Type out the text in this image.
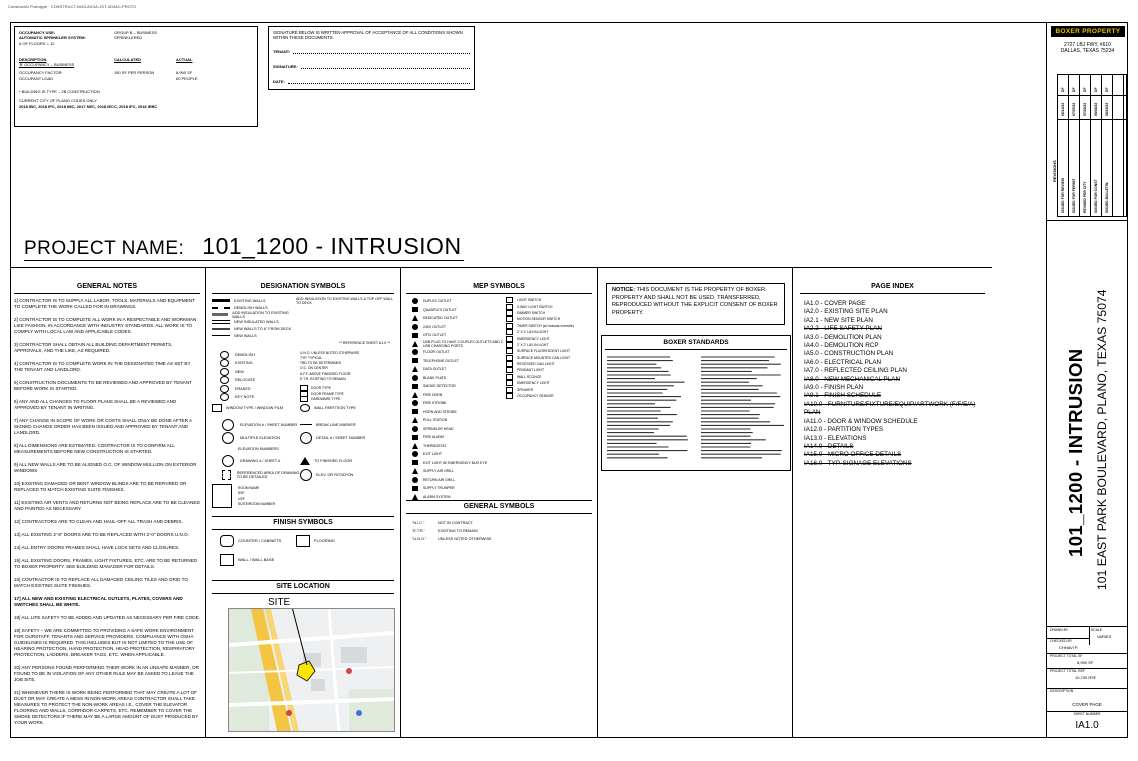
ConstructAI Prototype · CONSTRUCT-0063-AXXA-1ST-4O4AC-PROTO
OCCUPANCY USE:	GROUP B – BUSINESS
AUTOMATIC SPRINKLER SYSTEM:	SPRINKLERED
# OF FLOORS = 12
DESCRIPTION	CALCULATED	ACTUAL
'B' OCCUPANCY – BUSINESS
OCCUPANCY FACTOR:	150 SF PER PERSON	8,990 SF
OCCUPANT LOAD	60 PEOPLE
* BUILDING IS TYPE – 2B CONSTRUCTION
CURRENT CITY OF PLANO CODES ONLY
2018 IBC, 2018 IPC, 2018 IMC, 2017 NEC, 2018 IECC, 2018 IFC, 2018 IEBC
SIGNATURE BELOW IS WRITTEN APPROVAL OF ACCEPTANCE OF ALL CONDITIONS SHOWN WITHIN THESE DOCUMENTS.
TENANT:
SIGNATURE:
DATE:
PROJECT NAME: 101_1200 - INTRUSION
GENERAL NOTES

1] CONTRACTOR IS TO SUPPLY ALL LABOR, TOOLS, MATERIALS AND EQUIPMENT TO COMPLETE THE WORK CALLED FOR IN DRAWINGS.

2] CONTRACTOR IS TO COMPLETE ALL WORK IN A RESPECTABLE AND WORKMAN LIKE FASHION, IN ACCORDANCE WITH INDUSTRY STANDARDS. ALL WORK IS TO COMPLY WITH LOCAL LAW AND APPLICABLE CODES.

3] CONTRACTOR SHALL OBTAIN ALL BUILDING DEPARTMENT PERMITS, APPROVALS, AND THE LIKE, AS REQUIRED.

4] CONTRACTOR IS TO COMPLETE WORK IN THE DESIGNATED TIME AS SET BY THE TENANT AND LANDLORD.

5] CONSTRUCTION DOCUMENTS TO BE REVIEWED AND APPROVED BY TENANT BEFORE WORK IS STARTED.

6] ANY AND ALL CHANGES TO FLOOR PLANS SHALL BE A REVIEWED AND APPROVED BY TENANT IN WRITING.

7] ANY CHANGE IN SCOPE OF WORK OR COSTS SHALL ONLY BE DONE AFTER A SIGNED CHANGE ORDER HAS BEEN ISSUED AND APPROVED BY TENANT AND LANDLORD.

8] ALL DIMENSIONS ARE ESTIMATED. CONTRACTOR IS TO CONFIRM ALL MEASUREMENTS BEFORE NEW CONSTRUCTION IS STARTED.

9] ALL NEW WALLS ARE TO BE ALIGNED O.C. OF WINDOW MULLION ON EXTERIOR WINDOWS.

10] EXISTING DAMAGED OR BENT WINDOW BLINDS ARE TO BE REPAIRED OR REPLACED TO MATCH EXISTING SUITE FINISHES.

11] EXISTING AIR VENTS AND RETURNS NOT BEING REPLACE ARE TO BE CLEANED AND PAINTED AS NECESSARY.

12] CONTRACTORS ARE TO CLEAN AND HAUL-OFF ALL TRASH AND DEBRIS.

13] ALL EXISTING 2'-8" DOORS ARE TO BE REPLACED WITH 3'-0" DOORS U.N.O.

14] ALL ENTRY DOORS FRAMES SHALL HAVE LOCK SETS AND CLOSURES.

15] ALL EXISTING DOORS, FRAMES, LIGHT FIXTURES, ETC. ARE TO BE RETURNED TO BOXER PROPERTY. SEE BUILDING MANAGER FOR DETAILS.

16] CONTRACTOR IS TO REPLACE ALL DAMAGED CEILING TILES AND GRID TO MATCH EXISTING SUITE FINISHES.

17] ALL NEW AND EXISTING ELECTRICAL OUTLETS, PLATES, COVERS AND SWITCHES SHALL BE WHITE.

18] ALL LIFE SAFETY TO BE ADDED AND UPDATED AS NECESSARY PER FIRE CODE.

19] SAFETY – WE ARE COMMITTED TO PROVIDING A SAFE WORK ENVIRONMENT FOR OURSTAFF, TENANTS AND SERVICE PROVIDERS. COMPLIANCE WITH OSHA GUIDELINES IS REQUIRED. THIS INCLUDES BUT IS NOT LIMITED TO THE USE OF HEARING PROTECTION, HAND PROTECTION, HEAD PROTECTION, RESPIRATORY PROTECTION, LADDERS, BREAKER TAGS, ETC. WHEN APPLICABLE.

20] ANY PERSONS FOUND PERFORMING THEIR WORK IN AN UNSAFE MANNER, OR FOUND TO BE IN VIOLATION OF ANY OTHER RULE MAY BE ASKED TO LEAVE THE JOB SITE.

21] WHENEVER THERE IS WORK BEING PERFORMED THAT MAY CREATE A LOT OF DUST OR MAY CREATE A MESS IN NON-WORK AREAS CONTRACTOR SHALL TAKE MEASURES TO PROTECT THE NON-WORK AREAS I.E., COVER THE ELEVATOR FLOORING AND WALLS, CORRIDOR CARPETS, ETC. REMEMBER TO COVER THE SMOKE DETECTORS IF THERE MAY BE A LARGE AMOUNT OF DUST PRODUCED BY YOUR WORK.

DESIGNATION SYMBOLS
EXISTING WALLS
DEMOLISH WALLS
ADD INSULATION TO EXISTING WALLS
NEW INSULATED WALLS
NEW WALLS TO 6" FROM DECK
NEW WALLS
ADD INSULATION TO EXISTING WALLS & TOP OFF WALL TO DECK
** REFERENCE SHEET A1.0 **
DEMOLISH
EXISTING
NEW
RELOCATE
ERASED
KEY NOTE
U.N.O. UNLESS NOTED OTHERWISE
TYP. TYPICAL
TBD TO BE DETERMINED
O.C. ON CENTER
A.F.F. ABOVE FINISHED FLOOR
E.T.R. EXISTING TO REMAIN
DOOR TYPE
DOOR FRAME TYPE
HARDWARE TYPE
WINDOW TYPE / WINDOW FILM	WALL PARTITION TYPE
ELEVATION # / SHEET NUMBER
MULTIPLE ELEVATION
ELEVATION NUMBERS
DRAWING # / SHEET #
REFERENCED AREA OF DRAWING TO BE DETAILED
BREAK LINE MARKER
DETAIL # / SHEET NUMBER
TO FINISHED FLOOR
ELEV. OR ROTATION
ROOM NAME
SSF
USF
SUITE/ROOM NUMBER
FINISH SYMBOLS
COUNTER / CABINETS	FLOORING
WALL / WALL BASE
SITE LOCATION
SITE
MEP SYMBOLS
DUPLEX OUTLET
QUADPLEX OUTLET
DEDICATED OUTLET
240V OUTLET
GFCI OUTLET
USB PLUG TO HAVE 2 DUPLEX OUTLETS AND 2 USB CHARGING PORTS
FLOOR OUTLET
TELEPHONE OUTLET
DATA OUTLET
BLANK PLATE
SMOKE DETECTOR
FIRE HORN
FIRE STROBE
HORN AND STROBE
PULL STATION
SPRINKLER HEAD
FIRE ALARM
THERMOSTAT
EXIT LIGHT
EXIT LIGHT W/ EMERGENCY BUG EYE
SUPPLY AIR GRILL
RETURN AIR GRILL
SUPPLY TRUMPER
ALARM SYSTEM
LIGHT SWITCH
3-WAY LIGHT SWITCH
DIMMER SWITCH
MOTION SENSOR SWITCH
TIMER SWITCH (w/ manual override)
2' X 4' LAY-IN LIGHT
EMERGENCY LIGHT
2' X 2' LAY-IN LIGHT
SURFACE FLUORESCENT LIGHT
SURFACE MOUNTED CAN LIGHT
RECESSED CAN LIGHT
PENDANT LIGHT
WALL SCONCE
EMERGENCY LIGHT
SPEAKER
OCCUPANCY SENSOR
GENERAL SYMBOLS
"N.I.C."	NOT IN CONTRACT
"E.T.R."	EXISTING TO REMAIN
"U.N.O."	UNLESS NOTED OTHERWISE
NOTICE: THIS DOCUMENT IS THE PROPERTY OF BOXER PROPERTY AND SHALL NOT BE USED, TRANSFERRED, REPRODUCED WITHOUT THE EXPLICIT CONSENT OF BOXER PROPERTY.
BOXER STANDARDS
PAGE INDEX

IA1.0 - COVER PAGE

IA2.0 - EXISTING SITE PLAN

IA2.1 - NEW SITE PLAN

IA2.2 - LIFE SAFETY PLAN

IA3.0 - DEMOLITION PLAN

IA4.0 - DEMOLITION RCP

IA5.0 - CONSTRUCTION PLAN

IA6.0 - ELECTRICAL PLAN

IA7.0 - REFLECTED CEILING PLAN

IA8.0 - NEW MECHANICAL PLAN

IA9.0 - FINISH PLAN

IA9.1 - FINISH SCHEDULE

IA10.0 - FURNITURE/FIXTURE/EQUIP/ARTWORK (F/F/E/A) PLAN

IA11.0 - DOOR & WINDOW SCHEDULE

IA12.0 - PARTITION TYPES

IA13.0 - ELEVATIONS

IA14.0 - DETAILS

IA15.0 - MICRO OFFICE DETAILS

IA16.0 - TYP. SIGNAGE ELEVATIONS

BOXER PROPERTY
2727 LBJ FWY, #610
DALLAS, TEXAS 75234
DF
06/14/22
ISSUED FOR REVIEW
DF
07/07/22
ISSUED FOR PERMIT
DF
07/22/22
REVISED PER CITY
DF
08/02/22
ISSUED FOR CONST
DF
08/16/22
ISSUED BULLETIN
REVISIONS
101_1200 - INTRUSION 101 EAST PARK BOULEVARD, PLANO, TEXAS 75074
DRAWN BY	SCALE
VARIES
CHECKED BY
CHHAVI P.
PROJECT TOTAL SF
8,990 SF
PROJECT TOTAL RSF
10,700 RSF
DESCRIPTION
COVER PAGE
SHEET NUMBER
IA1.0
